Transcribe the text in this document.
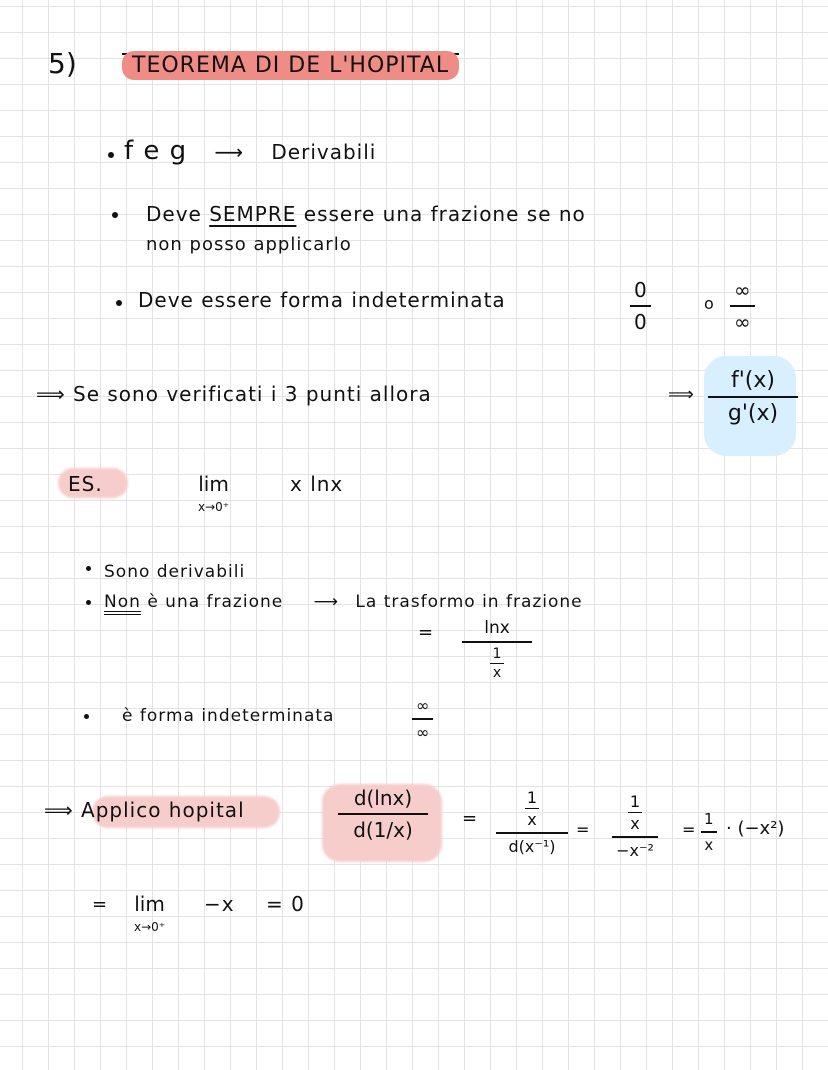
5)	TEOREMA DI DE L'HOPITAL
f e g ⟶ Derivabili
Deve SEMPRE essere una frazione se no
non posso applicarlo
Deve essere forma indeterminata	0
0
o
∞
∞
⟹ Se sono verificati i 3 punti allora	⟹
f'(x)
g'(x)
ES.	lim
x→0⁺
x lnx
Sono derivabili
Non è una frazione ⟶ La trasformo in frazione
=	lnx
1
x
è forma indeterminata
∞
∞
⟹ Applico hopital	d(lnx)
d(1/x)	=
1
x
d(x⁻¹)
=
1
x
−x⁻²
=
1
x
· (−x²)
= lim
x→0⁺
−x = 0
